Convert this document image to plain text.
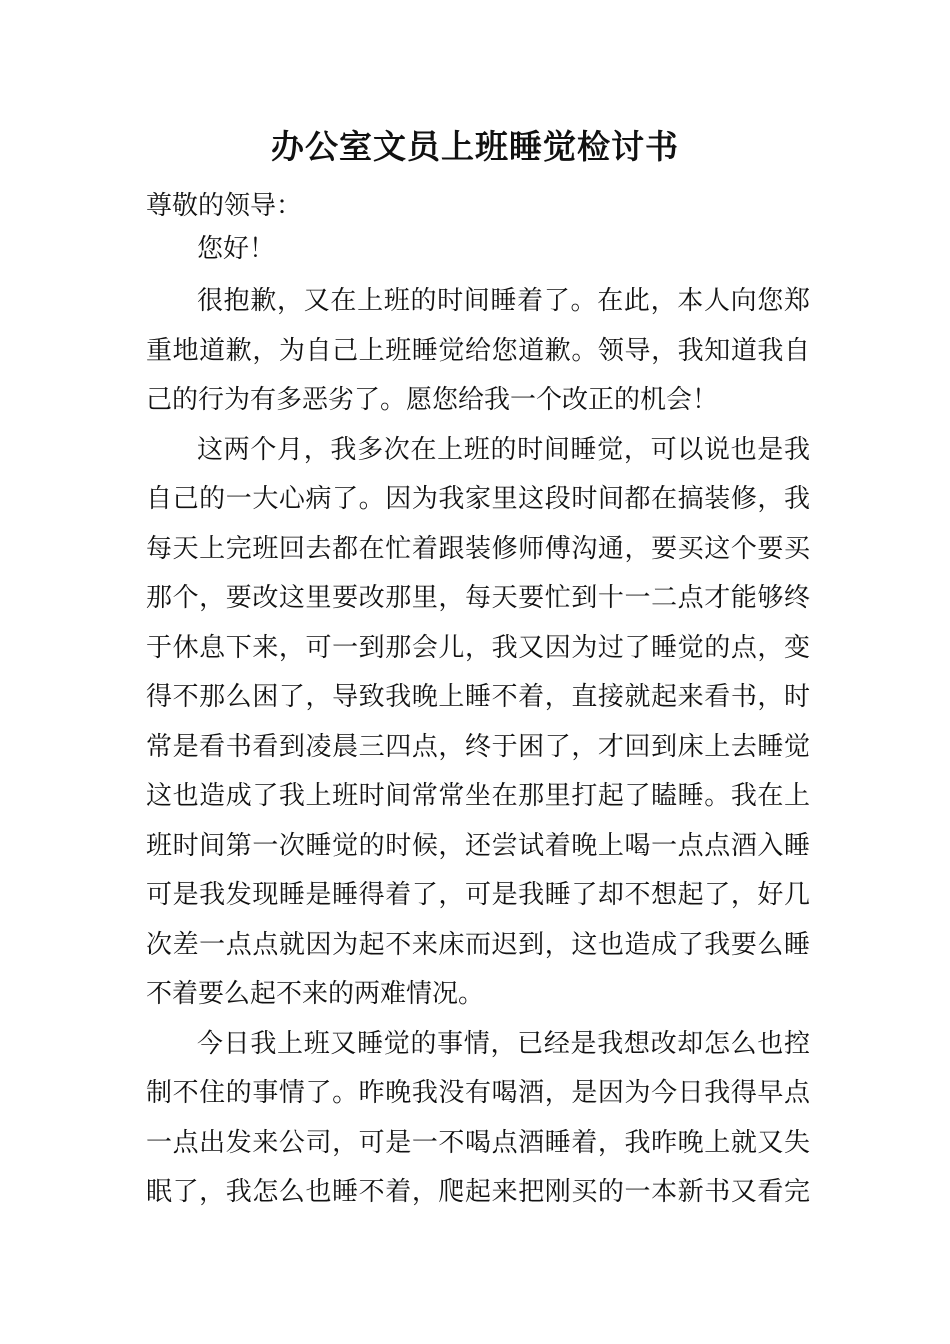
办公室文员上班睡觉检讨书
尊敬的领导：
您好！
很抱歉，又在上班的时间睡着了。在此，本人向您郑
重地道歉，为自己上班睡觉给您道歉。领导，我知道我自
己的行为有多恶劣了。愿您给我一个改正的机会！
这两个月，我多次在上班的时间睡觉，可以说也是我
自己的一大心病了。因为我家里这段时间都在搞装修，我
每天上完班回去都在忙着跟装修师傅沟通，要买这个要买
那个，要改这里要改那里，每天要忙到十一二点才能够终
于休息下来，可一到那会儿，我又因为过了睡觉的点，变
得不那么困了，导致我晚上睡不着，直接就起来看书，时
常是看书看到凌晨三四点，终于困了，才回到床上去睡觉
这也造成了我上班时间常常坐在那里打起了瞌睡。我在上
班时间第一次睡觉的时候，还尝试着晚上喝一点点酒入睡
可是我发现睡是睡得着了，可是我睡了却不想起了，好几
次差一点点就因为起不来床而迟到，这也造成了我要么睡
不着要么起不来的两难情况。
今日我上班又睡觉的事情，已经是我想改却怎么也控
制不住的事情了。昨晚我没有喝酒，是因为今日我得早点
一点出发来公司，可是一不喝点酒睡着，我昨晚上就又失
眠了，我怎么也睡不着，爬起来把刚买的一本新书又看完
